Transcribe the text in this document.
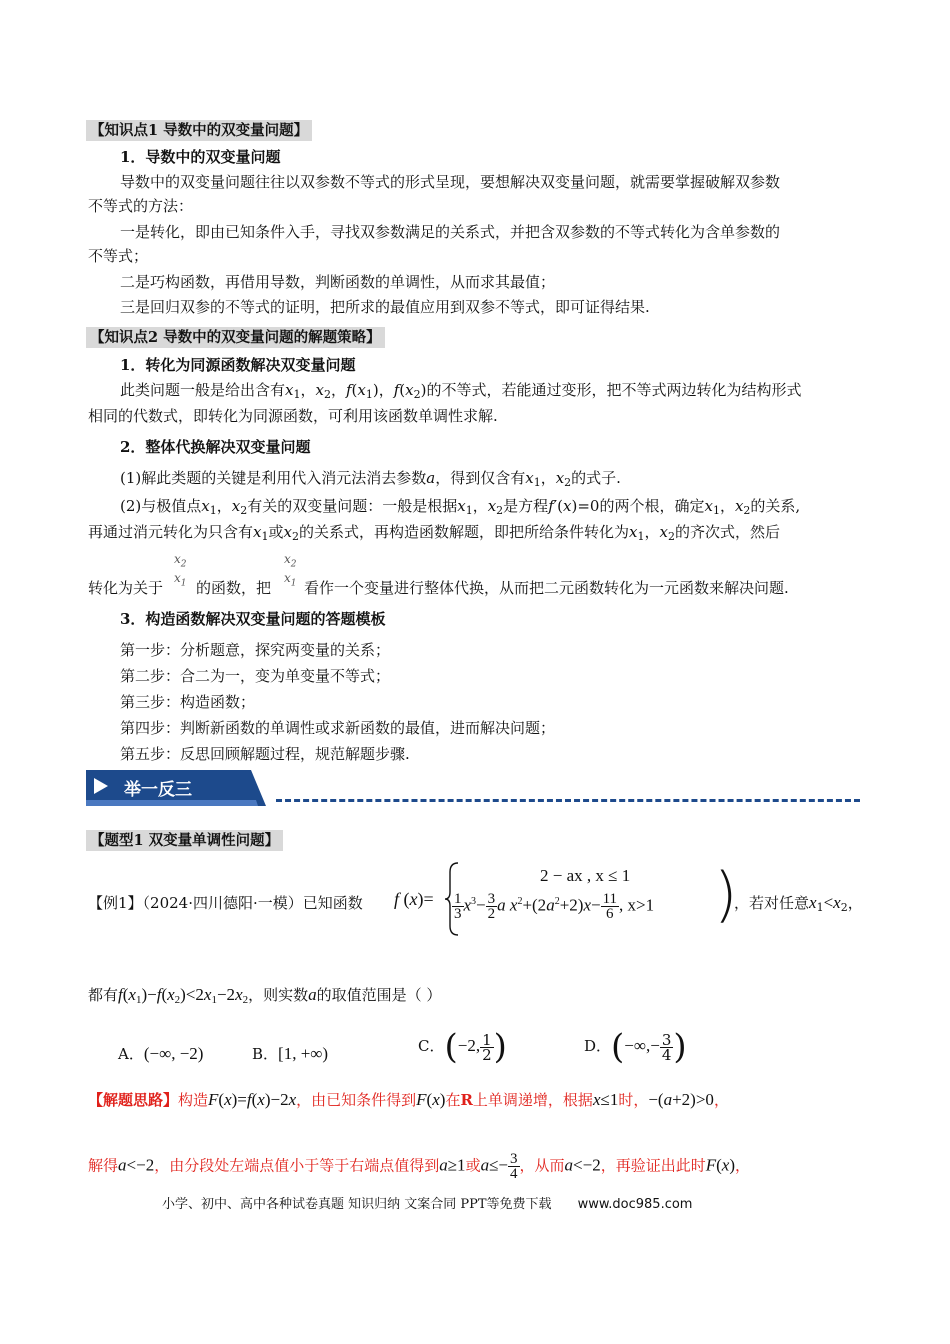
【知识点1 导数中的双变量问题】
1．导数中的双变量问题
导数中的双变量问题往往以双参数不等式的形式呈现，要想解决双变量问题，就需要掌握破解双参数
不等式的方法：
一是转化，即由已知条件入手，寻找双参数满足的关系式，并把含双参数的不等式转化为含单参数的
不等式；
二是巧构函数，再借用导数，判断函数的单调性，从而求其最值；
三是回归双参的不等式的证明，把所求的最值应用到双参不等式，即可证得结果.
【知识点2 导数中的双变量问题的解题策略】
1．转化为同源函数解决双变量问题
此类问题一般是给出含有$x_1$，$x_2$，$f(x_1)$，$f(x_2)$的不等式，若能通过变形，把不等式两边转化为结构形式
相同的代数式，即转化为同源函数，可利用该函数单调性求解.
2．整体代换解决双变量问题
(1)解此类题的关键是利用代入消元法消去参数a，得到仅含有$x_1$，$x_2$的式子.
(2)与极值点$x_1$，$x_2$有关的双变量问题：一般是根据$x_1$，$x_2$是方程f′(x)=0的两个根，确定$x_1$，$x_2$的关系,
再通过消元转化为只含有$x_1$或$x_2$的关系式，再构造函数解题，即把所给条件转化为$x_1$，$x_2$的齐次式，然后
转化为关于
$x_2$
$x_1$ 的函数，把
$x_2$
$x_1$ 看作一个变量进行整体代换，从而把二元函数转化为一元函数来解决问题.
3．构造函数解决双变量问题的答题模板
第一步：分析题意，探究两变量的关系；
第二步：合二为一，变为单变量不等式；
第三步：构造函数；
第四步：判断新函数的单调性或求新函数的最值，进而解决问题；
第五步：反思回顾解题过程，规范解题步骤.
举一反三
【题型1 双变量单调性问题】
【例1】（2024·四川德阳·一模）已知函数 f (x)=
2 − ax , x ≤ 1
$\frac{1}{3} x^3- \frac{3}{2}$ a $x^2+(2a^2+2)x- \frac{11}{6}$ , x>1 )
，若对任意$x_1<x_2$，
都有f(x1)−f(x2)<2x1−2x2，则实数a的取值范围是（ ）
A．(−∞, −2)	B．[1, +∞)	C．(−2, $\frac{1}{2}$ )	D．(−∞,− $\frac{3}{4}$ )
【解题思路】构造F(x)=f(x)−2x，由已知条件得到F(x)在R上单调递增，根据x≤1时，−(a+2)>0，
解得a<−2，由分段处左端点值小于等于右端点值得到a≥1或$a\le- \frac{3}{4}$ ，从而a<−2，再验证出此时F(x)，
小学、初中、高中各种试卷真题 知识归纳 文案合同 PPT等免费下载 www.doc985.com
